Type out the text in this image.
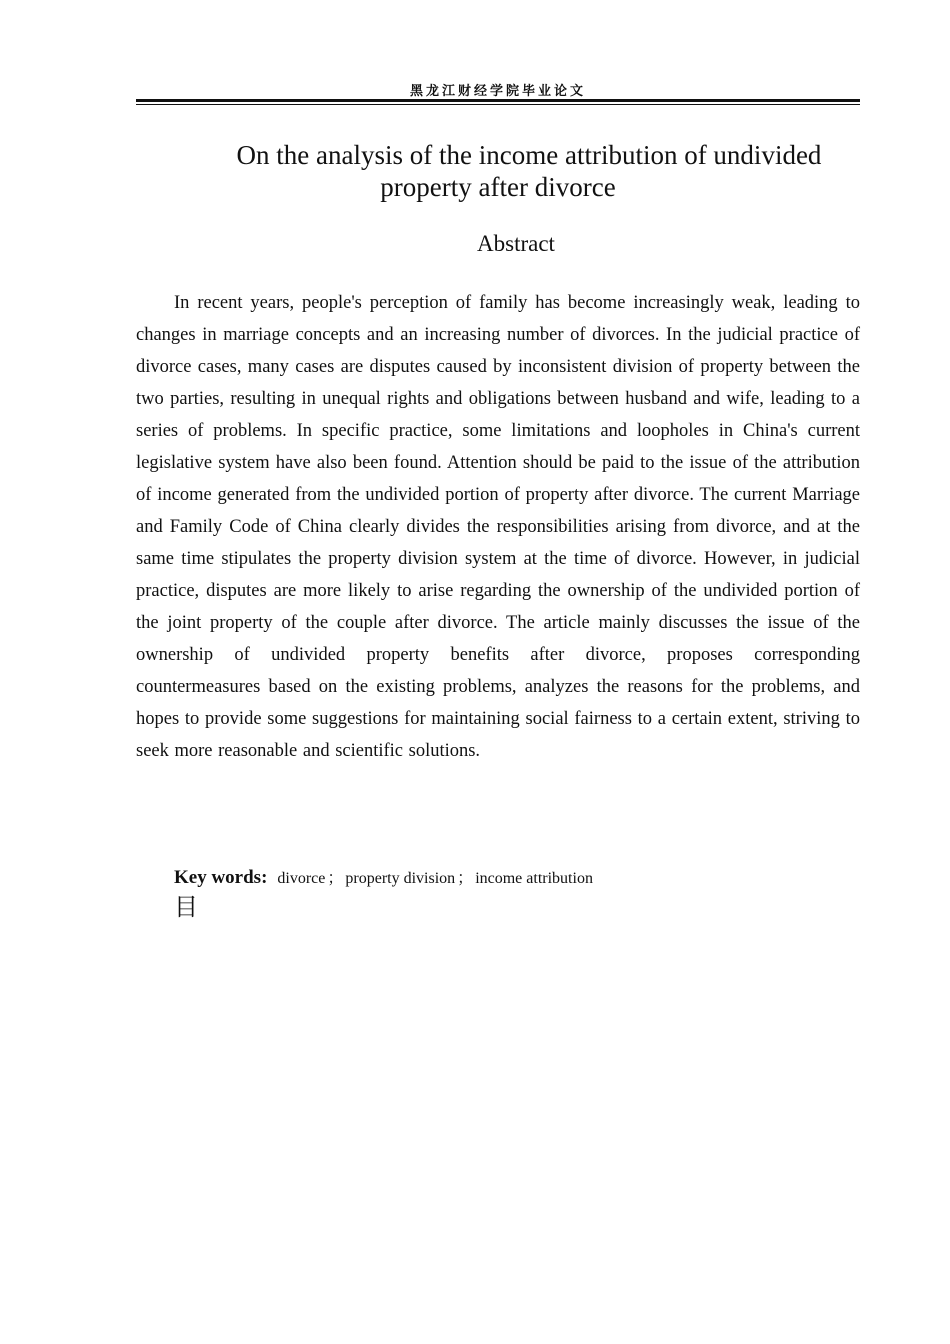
黑龙江财经学院毕业论文
On the analysis of the income attribution of undivided
property after divorce
Abstract

In recent years, people's perception of family has become increasingly weak, leading to changes in marriage concepts and an increasing number of divorces. In the judicial practice of divorce cases, many cases are disputes caused by inconsistent division of property between the two parties, resulting in unequal rights and obligations between husband and wife, leading to a series of problems. In specific practice, some limitations and loopholes in China's current legislative system have also been found. Attention should be paid to the issue of the attribution of income generated from the undivided portion of property after divorce. The current Marriage and Family Code of China clearly divides the responsibilities arising from divorce, and at the same time stipulates the property division system at the time of divorce. However, in judicial practice, disputes are more likely to arise regarding the ownership of the undivided portion of the joint property of the couple after divorce. The article mainly discusses the issue of the ownership of undivided property benefits after divorce, proposes corresponding countermeasures based on the existing problems, analyzes the reasons for the problems, and hopes to provide some suggestions for maintaining social fairness to a certain extent, striving to seek more reasonable and scientific solutions.

Key words: divorce ； property division ； income attribution
目
